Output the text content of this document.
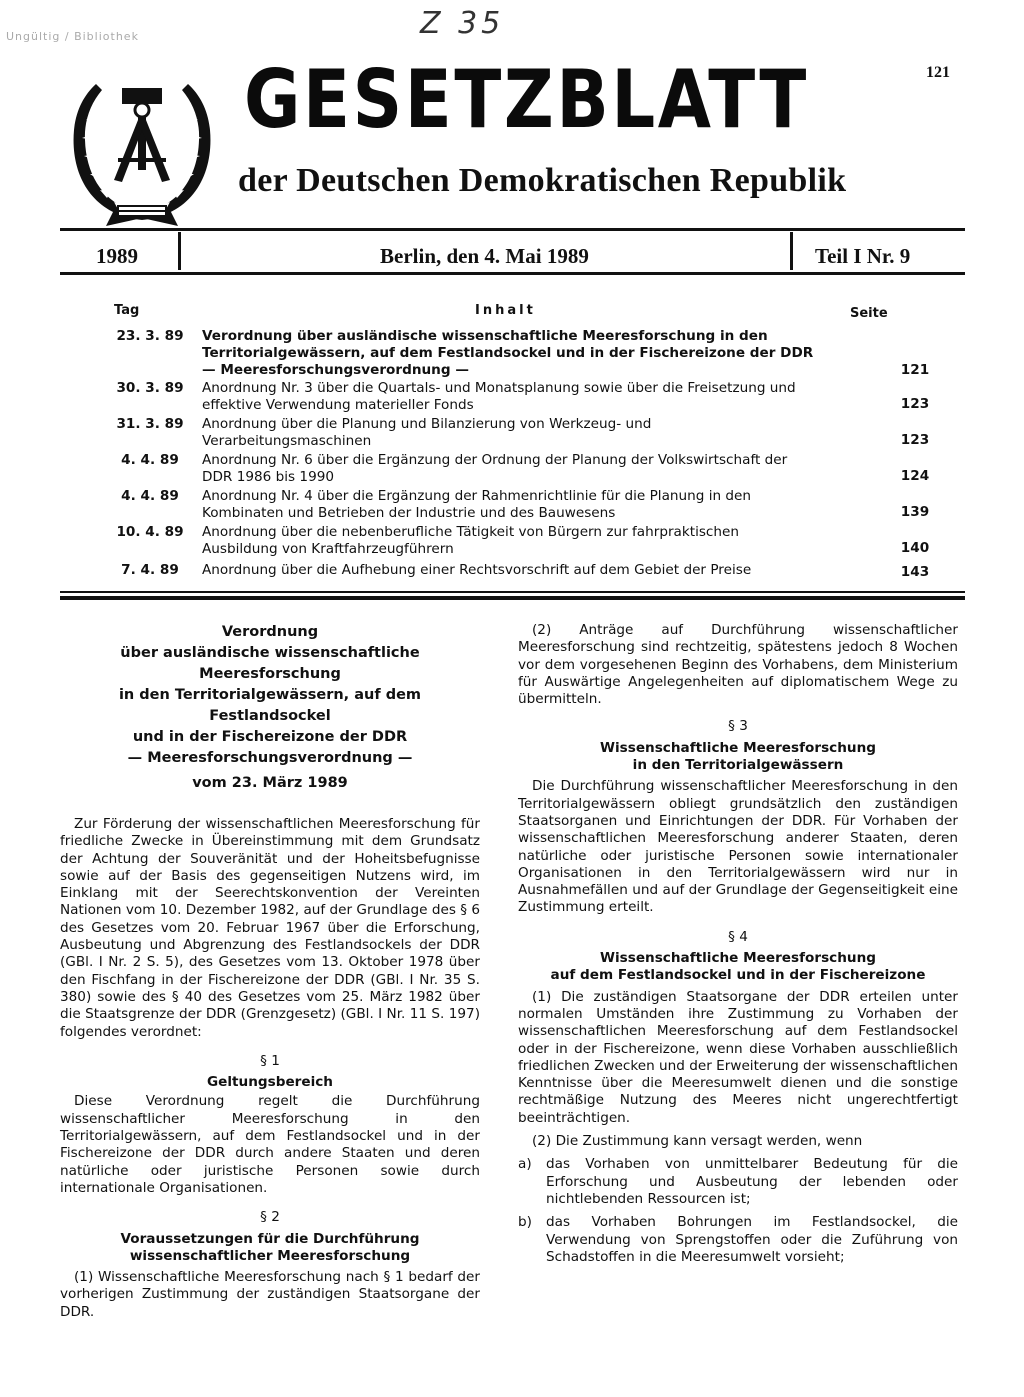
Ungültig / Bibliothek	Z 35
121
GESETZBLATT
der Deutschen Demokratischen Republik
1989	Berlin, den 4. Mai 1989	Teil I Nr. 9
Tag	Inhalt	Seite
23. 3. 89	Verordnung über ausländische wissenschaftliche Meeresforschung in den Territorialgewässern, auf dem Festlandsockel und in der Fischereizone der DDR — Meeresforschungsverordnung —	121
30. 3. 89	Anordnung Nr. 3 über die Quartals- und Monatsplanung sowie über die Freisetzung und effektive Verwendung materieller Fonds	123
31. 3. 89	Anordnung über die Planung und Bilanzierung von Werkzeug- und Verarbeitungsmaschinen	123
4. 4. 89	Anordnung Nr. 6 über die Ergänzung der Ordnung der Planung der Volkswirtschaft der DDR 1986 bis 1990	124
4. 4. 89	Anordnung Nr. 4 über die Ergänzung der Rahmenrichtlinie für die Planung in den Kombinaten und Betrieben der Industrie und des Bauwesens	139
10. 4. 89	Anordnung über die nebenberufliche Tätigkeit von Bürgern zur fahrpraktischen Ausbildung von Kraftfahrzeugführern	140
7. 4. 89	Anordnung über die Aufhebung einer Rechtsvorschrift auf dem Gebiet der Preise	143
Verordnung
über ausländische wissenschaftliche Meeresforschung
in den Territorialgewässern, auf dem Festlandsockel
und in der Fischereizone der DDR
— Meeresforschungsverordnung —
vom 23. März 1989

Zur Förderung der wissenschaftlichen Meeresforschung für friedliche Zwecke in Übereinstimmung mit dem Grundsatz der Achtung der Souveränität und der Hoheitsbefugnisse sowie auf der Basis des gegenseitigen Nutzens wird, im Einklang mit der Seerechtskonvention der Vereinten Nationen vom 10. Dezember 1982, auf der Grundlage des § 6 des Gesetzes vom 20. Februar 1967 über die Erforschung, Ausbeutung und Abgrenzung des Festlandsockels der DDR (GBl. I Nr. 2 S. 5), des Gesetzes vom 13. Oktober 1978 über den Fischfang in der Fischereizone der DDR (GBl. I Nr. 35 S. 380) sowie des § 40 des Gesetzes vom 25. März 1982 über die Staatsgrenze der DDR (Grenzgesetz) (GBl. I Nr. 11 S. 197) folgendes verordnet:

§ 1
Geltungsbereich

Diese Verordnung regelt die Durchführung wissenschaftlicher Meeresforschung in den Territorialgewässern, auf dem Festlandsockel und in der Fischereizone der DDR durch andere Staaten und deren natürliche oder juristische Personen sowie durch internationale Organisationen.

§ 2
Voraussetzungen für die Durchführung
wissenschaftlicher Meeresforschung

(1) Wissenschaftliche Meeresforschung nach § 1 bedarf der vorherigen Zustimmung der zuständigen Staatsorgane der DDR.

(2) Anträge auf Durchführung wissenschaftlicher Meeresforschung sind rechtzeitig, spätestens jedoch 8 Wochen vor dem vorgesehenen Beginn des Vorhabens, dem Ministerium für Auswärtige Angelegenheiten auf diplomatischem Wege zu übermitteln.

§ 3
Wissenschaftliche Meeresforschung
in den Territorialgewässern

Die Durchführung wissenschaftlicher Meeresforschung in den Territorialgewässern obliegt grundsätzlich den zuständigen Staatsorganen und Einrichtungen der DDR. Für Vorhaben der wissenschaftlichen Meeresforschung anderer Staaten, deren natürliche oder juristische Personen sowie internationaler Organisationen in den Territorialgewässern wird nur in Ausnahmefällen und auf der Grundlage der Gegenseitigkeit eine Zustimmung erteilt.

§ 4
Wissenschaftliche Meeresforschung
auf dem Festlandsockel und in der Fischereizone

(1) Die zuständigen Staatsorgane der DDR erteilen unter normalen Umständen ihre Zustimmung zu Vorhaben der wissenschaftlichen Meeresforschung auf dem Festlandsockel oder in der Fischereizone, wenn diese Vorhaben ausschließlich friedlichen Zwecken und der Erweiterung der wissenschaftlichen Kenntnisse über die Meeresumwelt dienen und die sonstige rechtmäßige Nutzung des Meeres nicht ungerechtfertigt beeinträchtigen.

(2) Die Zustimmung kann versagt werden, wenn

a)	das Vorhaben von unmittelbarer Bedeutung für die Erforschung und Ausbeutung der lebenden oder nichtlebenden Ressourcen ist;
b) das Vorhaben Bohrungen im Festlandsockel, die Verwendung von Sprengstoffen oder die Zuführung von Schadstoffen in die Meeresumwelt vorsieht;
